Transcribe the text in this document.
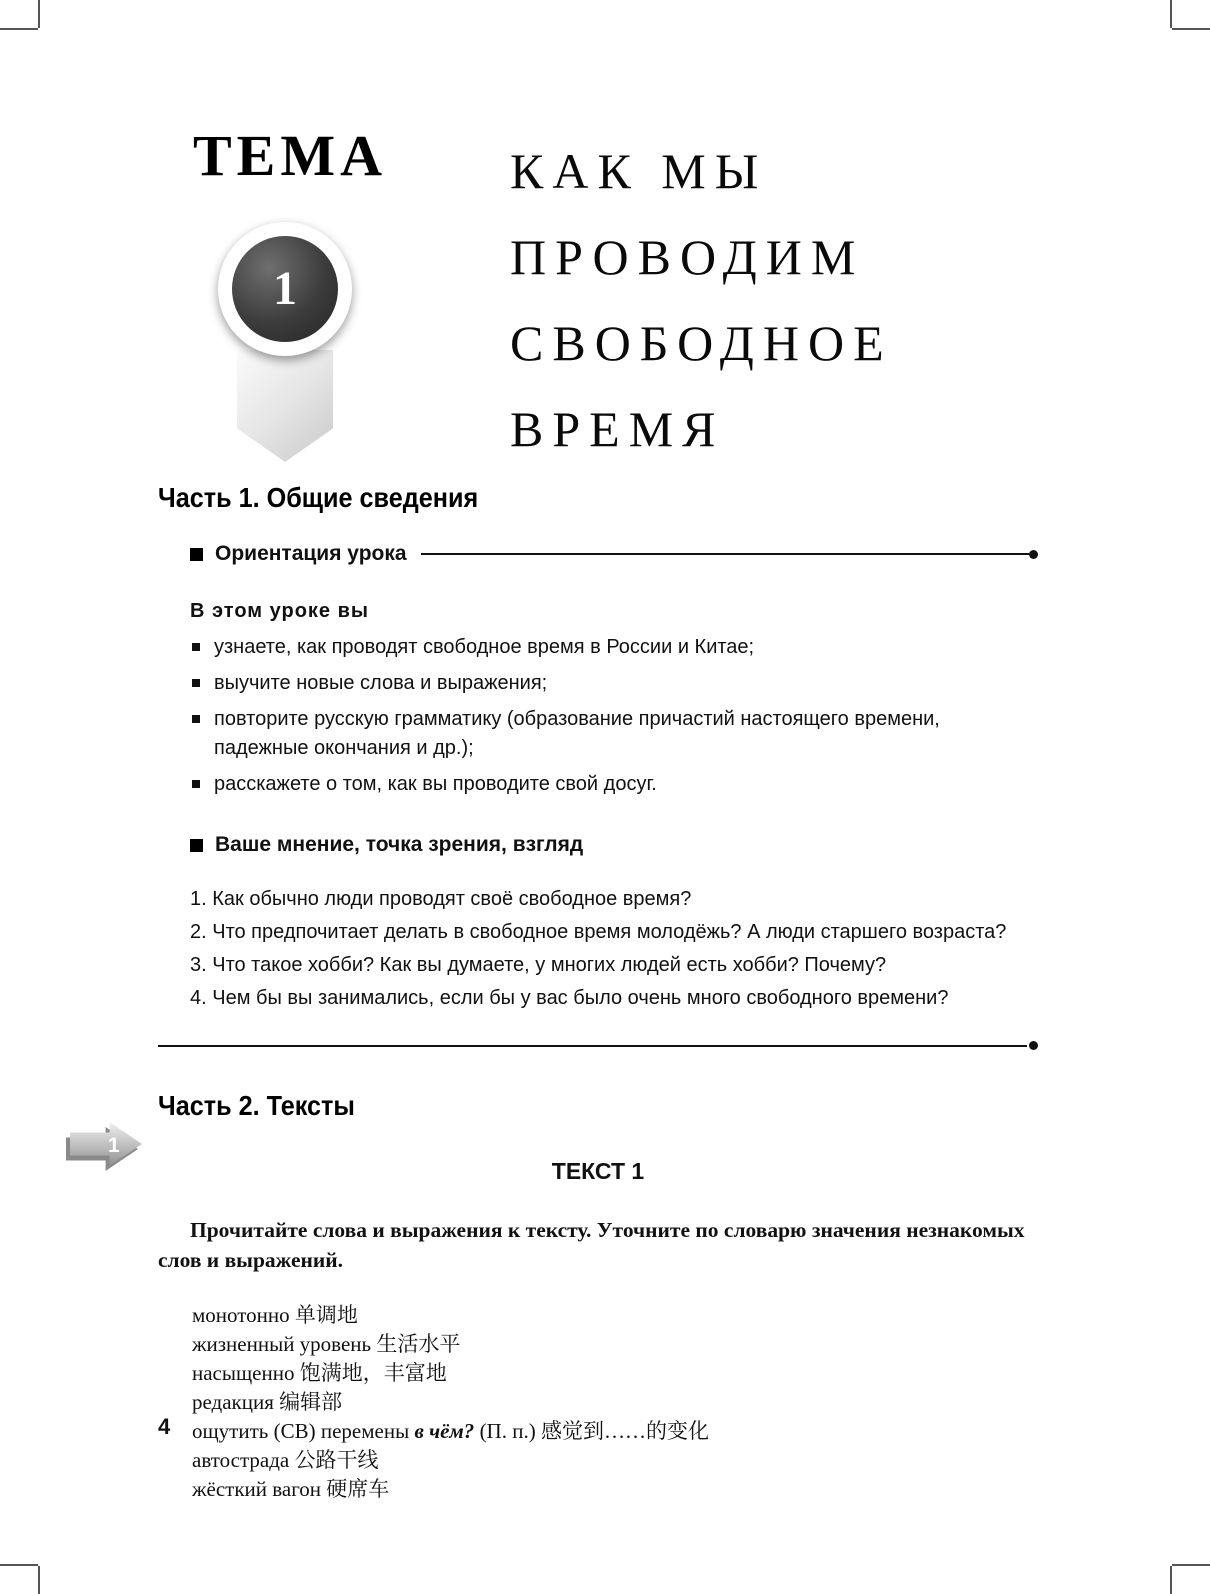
ТЕМА
1
КАК МЫ
ПРОВОДИМ
СВОБОДНОЕ
ВРЕМЯ
Часть 1. Общие сведения
Ориентация урока

В этом уроке вы

узнаете, как проводят свободное время в России и Китае;
выучите новые слова и выражения;
повторите русскую грамматику (образование причастий настоящего времени, падежные окончания и др.);
расскажете о том, как вы проводите свой досуг.
Ваше мнение, точка зрения, взгляд

1. Как обычно люди проводят своё свободное время?

2. Что предпочитает делать в свободное время молодёжь? А люди старшего возраста?

3. Что такое хобби? Как вы думаете, у многих людей есть хобби? Почему?

4. Чем бы вы занимались, если бы у вас было очень много свободного времени?

Часть 2. Тексты
ТЕКСТ 1

Прочитайте слова и выражения к тексту. Уточните по словарю значения незнакомых слов и выражений.

монотонно 单调地
жизненный уровень 生活水平
насыщенно 饱满地，丰富地
редакция 编辑部
ощутить (СВ) перемены в чём? (П. п.) 感觉到……的变化
автострада 公路干线
жёсткий вагон 硬席车
1
4
